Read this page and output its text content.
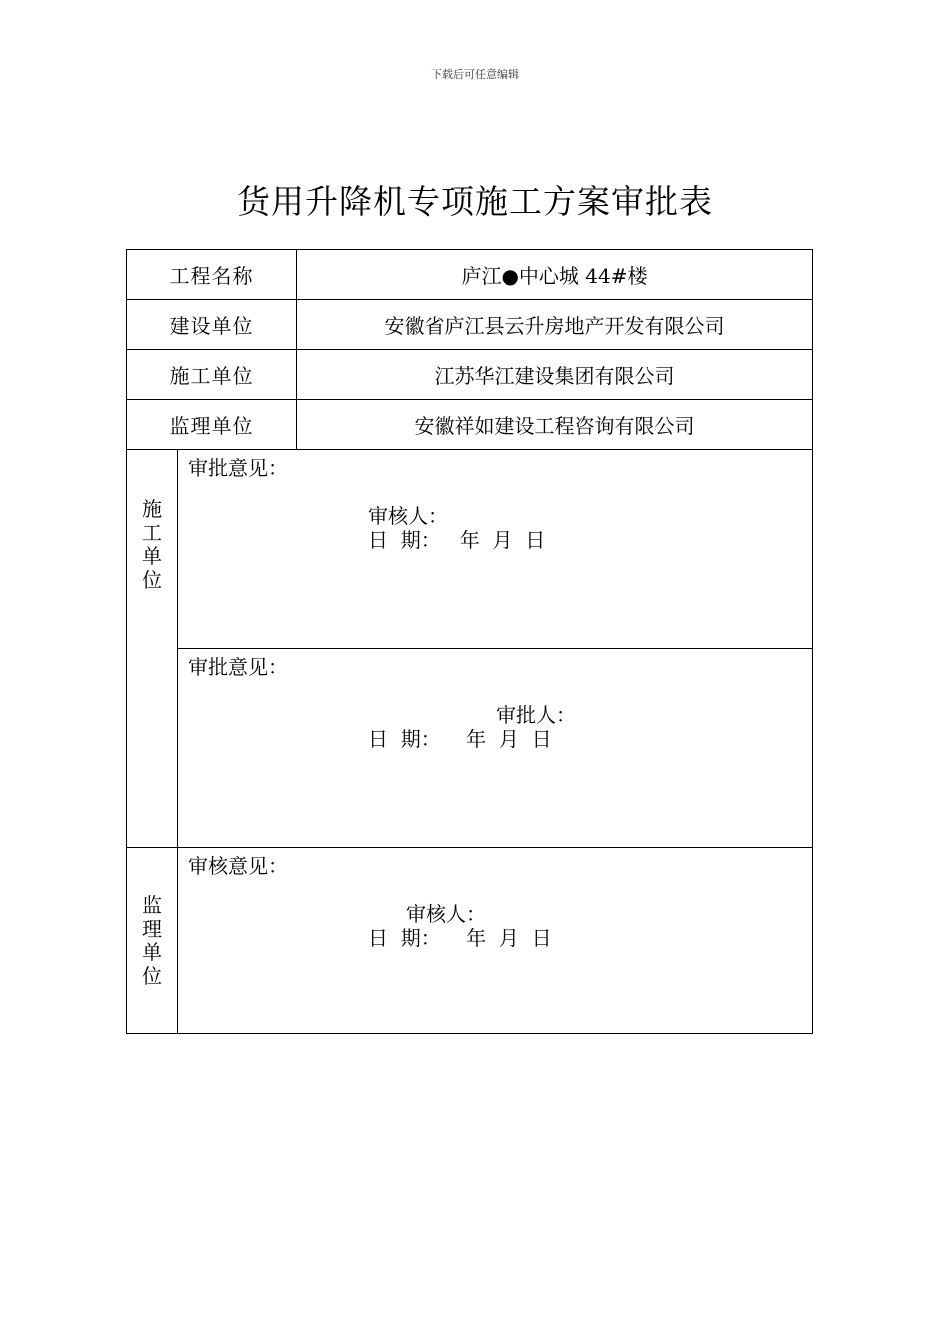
下载后可任意编辑
货用升降机专项施工方案审批表
工程名称		庐江●中心城 44#楼
建设单位		安徽省庐江县云升房地产开发有限公司
施工单位		江苏华江建设集团有限公司
监理单位		安徽祥如建设工程咨询有限公司

施工单位	审批意见：
审核人：
日  期：   年  月  日	

	审批意见：
审批人：
日  期：    年  月  日	

监理单位	审核意见：
审核人：
日  期：    年  月  日	
